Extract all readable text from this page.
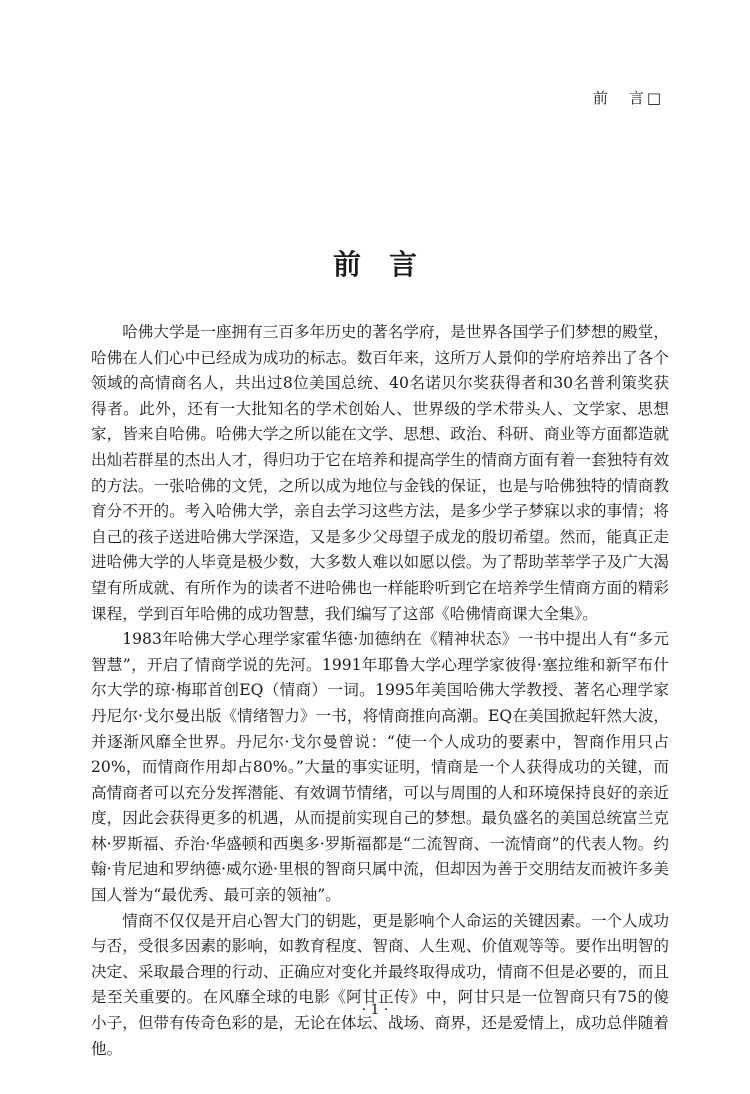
前　言□
前言

哈佛大学是一座拥有三百多年历史的著名学府，是世界各国学子们梦想的殿堂，哈佛在人们心中已经成为成功的标志。数百年来，这所万人景仰的学府培养出了各个领域的高情商名人，共出过8位美国总统、40名诺贝尔奖获得者和30名普利策奖获得者。此外，还有一大批知名的学术创始人、世界级的学术带头人、文学家、思想家，皆来自哈佛。哈佛大学之所以能在文学、思想、政治、科研、商业等方面都造就出灿若群星的杰出人才，得归功于它在培养和提高学生的情商方面有着一套独特有效的方法。一张哈佛的文凭，之所以成为地位与金钱的保证，也是与哈佛独特的情商教育分不开的。考入哈佛大学，亲自去学习这些方法，是多少学子梦寐以求的事情；将自己的孩子送进哈佛大学深造，又是多少父母望子成龙的殷切希望。然而，能真正走进哈佛大学的人毕竟是极少数，大多数人难以如愿以偿。为了帮助莘莘学子及广大渴望有所成就、有所作为的读者不进哈佛也一样能聆听到它在培养学生情商方面的精彩课程，学到百年哈佛的成功智慧，我们编写了这部《哈佛情商课大全集》。

1983年哈佛大学心理学家霍华德·加德纳在《精神状态》一书中提出人有“多元智慧”，开启了情商学说的先河。1991年耶鲁大学心理学家彼得·塞拉维和新罕布什尔大学的琼·梅耶首创EQ（情商）一词。1995年美国哈佛大学教授、著名心理学家丹尼尔·戈尔曼出版《情绪智力》一书，将情商推向高潮。EQ在美国掀起轩然大波，并逐渐风靡全世界。丹尼尔·戈尔曼曾说：“使一个人成功的要素中，智商作用只占20%，而情商作用却占80%。”大量的事实证明，情商是一个人获得成功的关键，而高情商者可以充分发挥潜能、有效调节情绪，可以与周围的人和环境保持良好的亲近度，因此会获得更多的机遇，从而提前实现自己的梦想。最负盛名的美国总统富兰克林·罗斯福、乔治·华盛顿和西奥多·罗斯福都是“二流智商、一流情商”的代表人物。约翰·肯尼迪和罗纳德·威尔逊·里根的智商只属中流，但却因为善于交朋结友而被许多美国人誉为“最优秀、最可亲的领袖”。

情商不仅仅是开启心智大门的钥匙，更是影响个人命运的关键因素。一个人成功与否，受很多因素的影响，如教育程度、智商、人生观、价值观等等。要作出明智的决定、采取最合理的行动、正确应对变化并最终取得成功，情商不但是必要的，而且是至关重要的。在风靡全球的电影《阿甘正传》中，阿甘只是一位智商只有75的傻小子，但带有传奇色彩的是，无论在体坛、战场、商界，还是爱情上，成功总伴随着他。

· 1 ·
